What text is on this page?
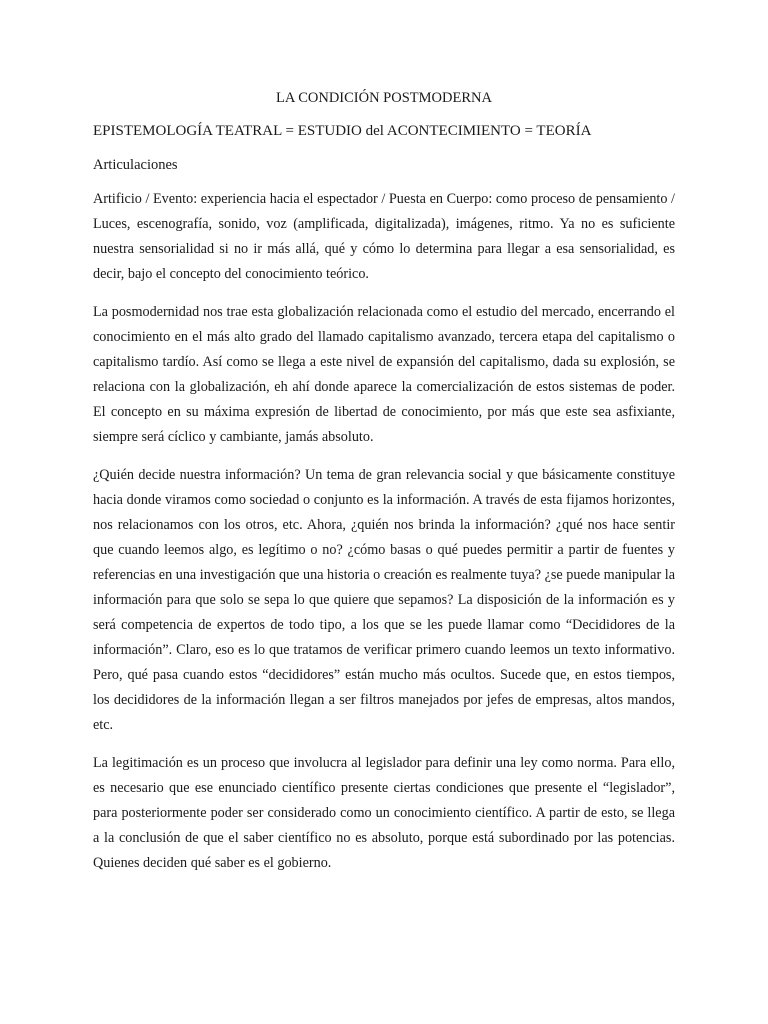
LA CONDICIÓN POSTMODERNA

EPISTEMOLOGÍA TEATRAL = ESTUDIO del ACONTECIMIENTO = TEORÍA

Articulaciones

Artificio / Evento: experiencia hacia el espectador / Puesta en Cuerpo: como proceso de pensamiento / Luces, escenografía, sonido, voz (amplificada, digitalizada), imágenes, ritmo. Ya no es suficiente nuestra sensorialidad si no ir más allá, qué y cómo lo determina para llegar a esa sensorialidad, es decir, bajo el concepto del conocimiento teórico.

La posmodernidad nos trae esta globalización relacionada como el estudio del mercado, encerrando el conocimiento en el más alto grado del llamado capitalismo avanzado, tercera etapa del capitalismo o capitalismo tardío. Así como se llega a este nivel de expansión del capitalismo, dada su explosión, se relaciona con la globalización, eh ahí donde aparece la comercialización de estos sistemas de poder. El concepto en su máxima expresión de libertad de conocimiento, por más que este sea asfixiante, siempre será cíclico y cambiante, jamás absoluto.

¿Quién decide nuestra información? Un tema de gran relevancia social y que básicamente constituye hacia donde viramos como sociedad o conjunto es la información. A través de esta fijamos horizontes, nos relacionamos con los otros, etc. Ahora, ¿quién nos brinda la información? ¿qué nos hace sentir que cuando leemos algo, es legítimo o no? ¿cómo basas o qué puedes permitir a partir de fuentes y referencias en una investigación que una historia o creación es realmente tuya? ¿se puede manipular la información para que solo se sepa lo que quiere que sepamos? La disposición de la información es y será competencia de expertos de todo tipo, a los que se les puede llamar como “Decididores de la información”. Claro, eso es lo que tratamos de verificar primero cuando leemos un texto informativo. Pero, qué pasa cuando estos “decididores” están mucho más ocultos. Sucede que, en estos tiempos, los decididores de la información llegan a ser filtros manejados por jefes de empresas, altos mandos, etc.

La legitimación es un proceso que involucra al legislador para definir una ley como norma. Para ello, es necesario que ese enunciado científico presente ciertas condiciones que presente el “legislador”, para posteriormente poder ser considerado como un conocimiento científico. A partir de esto, se llega a la conclusión de que el saber científico no es absoluto, porque está subordinado por las potencias. Quienes deciden qué saber es el gobierno.
